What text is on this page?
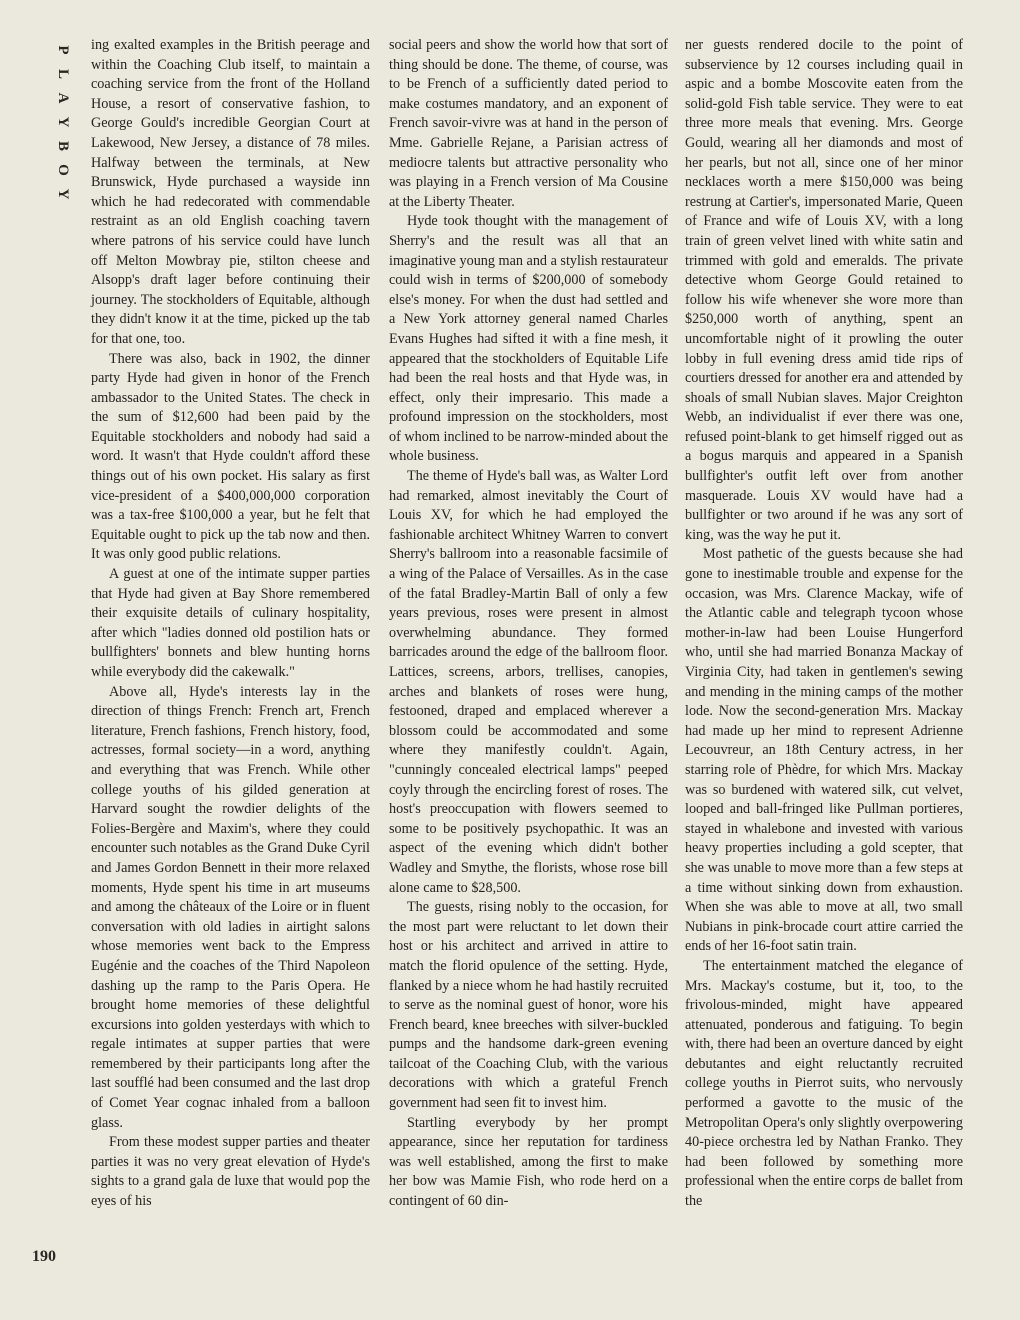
P
L
A
Y
B
O
Y
190

ing exalted examples in the British peerage and within the Coaching Club itself, to maintain a coaching service from the front of the Holland House, a resort of conservative fashion, to George Gould's incredible Georgian Court at Lakewood, New Jersey, a distance of 78 miles. Halfway between the terminals, at New Brunswick, Hyde purchased a wayside inn which he had redecorated with commendable restraint as an old English coaching tavern where patrons of his service could have lunch off Melton Mowbray pie, stilton cheese and Alsopp's draft lager before continuing their journey. The stockholders of Equitable, although they didn't know it at the time, picked up the tab for that one, too.

There was also, back in 1902, the dinner party Hyde had given in honor of the French ambassador to the United States. The check in the sum of $12,600 had been paid by the Equitable stockholders and nobody had said a word. It wasn't that Hyde couldn't afford these things out of his own pocket. His salary as first vice-president of a $400,000,000 corporation was a tax-free $100,000 a year, but he felt that Equitable ought to pick up the tab now and then. It was only good public relations.

A guest at one of the intimate supper parties that Hyde had given at Bay Shore remembered their exquisite details of culinary hospitality, after which "ladies donned old postilion hats or bullfighters' bonnets and blew hunting horns while everybody did the cakewalk."

Above all, Hyde's interests lay in the direction of things French: French art, French literature, French fashions, French history, food, actresses, formal society—in a word, anything and everything that was French. While other college youths of his gilded generation at Harvard sought the rowdier delights of the Folies-Bergère and Maxim's, where they could encounter such notables as the Grand Duke Cyril and James Gordon Bennett in their more relaxed moments, Hyde spent his time in art museums and among the châteaux of the Loire or in fluent conversation with old ladies in airtight salons whose memories went back to the Empress Eugénie and the coaches of the Third Napoleon dashing up the ramp to the Paris Opera. He brought home memories of these delightful excursions into golden yesterdays with which to regale intimates at supper parties that were remembered by their participants long after the last soufflé had been consumed and the last drop of Comet Year cognac inhaled from a balloon glass.

From these modest supper parties and theater parties it was no very great elevation of Hyde's sights to a grand gala de luxe that would pop the eyes of his

social peers and show the world how that sort of thing should be done. The theme, of course, was to be French of a sufficiently dated period to make costumes mandatory, and an exponent of French savoir-vivre was at hand in the person of Mme. Gabrielle Rejane, a Parisian actress of mediocre talents but attractive personality who was playing in a French version of Ma Cousine at the Liberty Theater.

Hyde took thought with the management of Sherry's and the result was all that an imaginative young man and a stylish restaurateur could wish in terms of $200,000 of somebody else's money. For when the dust had settled and a New York attorney general named Charles Evans Hughes had sifted it with a fine mesh, it appeared that the stockholders of Equitable Life had been the real hosts and that Hyde was, in effect, only their impresario. This made a profound impression on the stockholders, most of whom inclined to be narrow-minded about the whole business.

The theme of Hyde's ball was, as Walter Lord had remarked, almost inevitably the Court of Louis XV, for which he had employed the fashionable architect Whitney Warren to convert Sherry's ballroom into a reasonable facsimile of a wing of the Palace of Versailles. As in the case of the fatal Bradley-Martin Ball of only a few years previous, roses were present in almost overwhelming abundance. They formed barricades around the edge of the ballroom floor. Lattices, screens, arbors, trellises, canopies, arches and blankets of roses were hung, festooned, draped and emplaced wherever a blossom could be accommodated and some where they manifestly couldn't. Again, "cunningly concealed electrical lamps" peeped coyly through the encircling forest of roses. The host's preoccupation with flowers seemed to some to be positively psychopathic. It was an aspect of the evening which didn't bother Wadley and Smythe, the florists, whose rose bill alone came to $28,500.

The guests, rising nobly to the occasion, for the most part were reluctant to let down their host or his architect and arrived in attire to match the florid opulence of the setting. Hyde, flanked by a niece whom he had hastily recruited to serve as the nominal guest of honor, wore his French beard, knee breeches with silver-buckled pumps and the handsome dark-green evening tailcoat of the Coaching Club, with the various decorations with which a grateful French government had seen fit to invest him.

Startling everybody by her prompt appearance, since her reputation for tardiness was well established, among the first to make her bow was Mamie Fish, who rode herd on a contingent of 60 din-

ner guests rendered docile to the point of subservience by 12 courses including quail in aspic and a bombe Moscovite eaten from the solid-gold Fish table service. They were to eat three more meals that evening. Mrs. George Gould, wearing all her diamonds and most of her pearls, but not all, since one of her minor necklaces worth a mere $150,000 was being restrung at Cartier's, impersonated Marie, Queen of France and wife of Louis XV, with a long train of green velvet lined with white satin and trimmed with gold and emeralds. The private detective whom George Gould retained to follow his wife whenever she wore more than $250,000 worth of anything, spent an uncomfortable night of it prowling the outer lobby in full evening dress amid tide rips of courtiers dressed for another era and attended by shoals of small Nubian slaves. Major Creighton Webb, an individualist if ever there was one, refused point-blank to get himself rigged out as a bogus marquis and appeared in a Spanish bullfighter's outfit left over from another masquerade. Louis XV would have had a bullfighter or two around if he was any sort of king, was the way he put it.

Most pathetic of the guests because she had gone to inestimable trouble and expense for the occasion, was Mrs. Clarence Mackay, wife of the Atlantic cable and telegraph tycoon whose mother-in-law had been Louise Hungerford who, until she had married Bonanza Mackay of Virginia City, had taken in gentlemen's sewing and mending in the mining camps of the mother lode. Now the second-generation Mrs. Mackay had made up her mind to represent Adrienne Lecouvreur, an 18th Century actress, in her starring role of Phèdre, for which Mrs. Mackay was so burdened with watered silk, cut velvet, looped and ball-fringed like Pullman portieres, stayed in whalebone and invested with various heavy properties including a gold scepter, that she was unable to move more than a few steps at a time without sinking down from exhaustion. When she was able to move at all, two small Nubians in pink-brocade court attire carried the ends of her 16-foot satin train.

The entertainment matched the elegance of Mrs. Mackay's costume, but it, too, to the frivolous-minded, might have appeared attenuated, ponderous and fatiguing. To begin with, there had been an overture danced by eight debutantes and eight reluctantly recruited college youths in Pierrot suits, who nervously performed a gavotte to the music of the Metropolitan Opera's only slightly overpowering 40-piece orchestra led by Nathan Franko. They had been followed by something more professional when the entire corps de ballet from the
